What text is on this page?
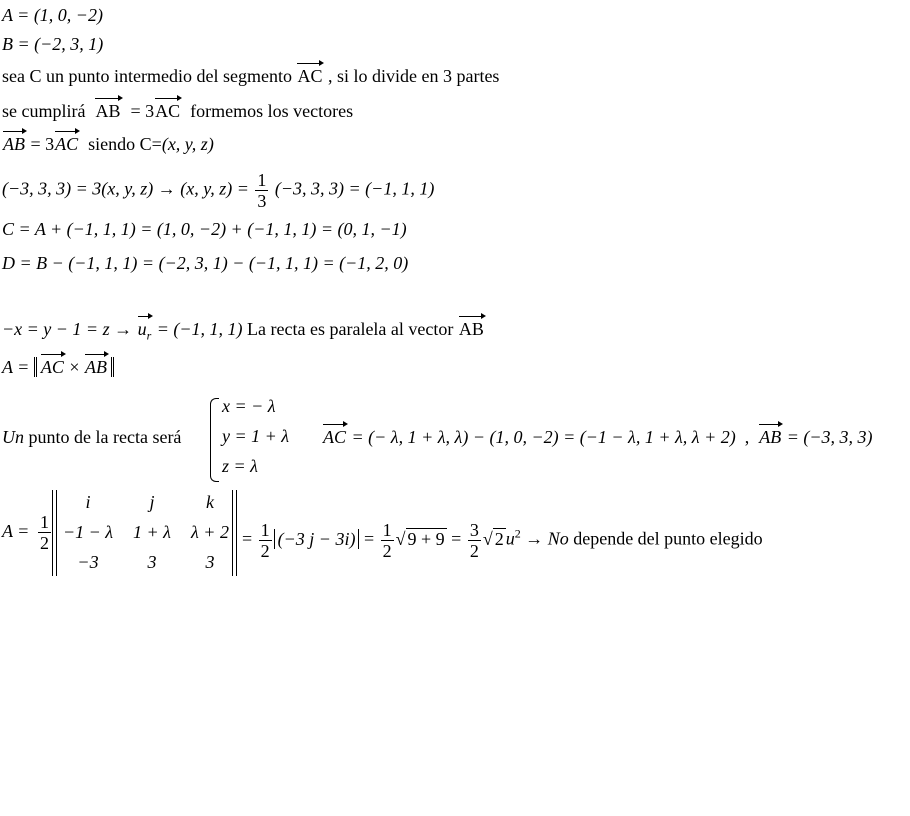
A = (1, 0, −2)
B = (−2, 3, 1)
sea C un punto intermedio del segmento AC , si lo divide en 3 partes
se cumplirá AB = 3AC formemos los vectores
AB = 3AC siendo C=(x, y, z)
(−3, 3, 3) = 3(x, y, z) → (x, y, $z) = \frac{1}{3} (-3$, 3, 3) = (−1, 1, 1)
C = A + (−1, 1, 1) = (1, 0, −2) + (−1, 1, 1) = (0, 1, −1)
D = B − (−1, 1, 1) = (−2, 3, 1) − (−1, 1, 1) = (−1, 2, 0)
$-x = y - 1 = z \to u_r = (-1$, 1, 1) La recta es paralela al vector AB
A = AC × AB
Un punto de la recta será
x = − λ
y = 1 + λ
z = λ
AC = (− λ, 1 + λ, λ) − (1, 0, −2) = (−1 − λ, 1 + λ, λ + 2) , AB = (−3, 3, 3)
$A = \frac{1}{2}$
i	j	k
−1 − λ	1 + λ	λ + 2
−3	3	3
= $\frac{1}{2} (-3$ $j - 3i) = \frac{1}{2}$ √ $9 + 9 = \frac{3}{2}$ √ 2 $u^2 \to No$ depende del punto elegido
